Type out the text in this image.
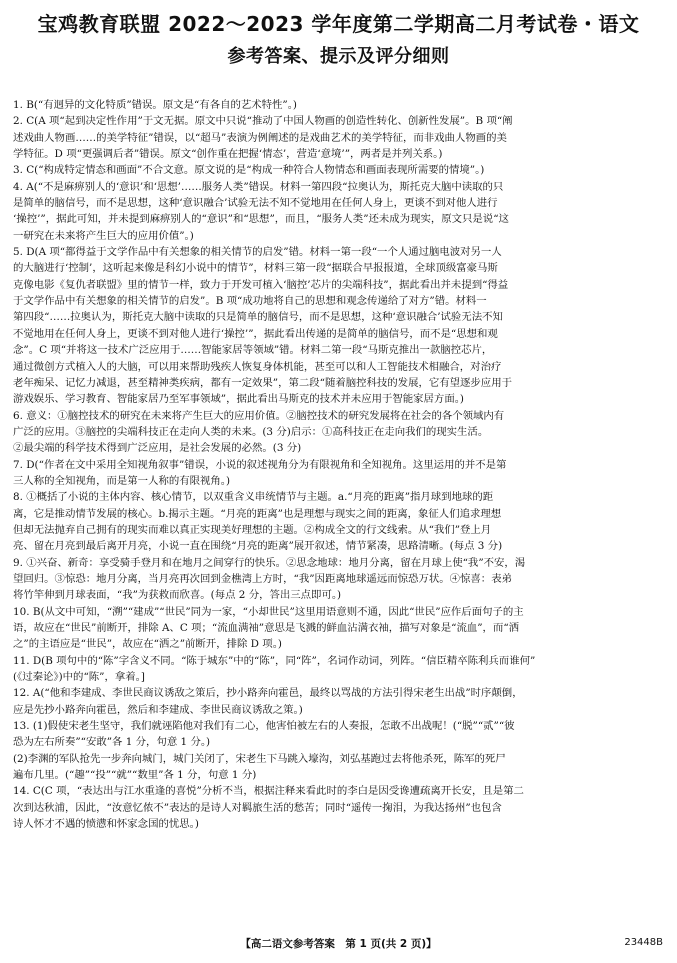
宝鸡教育联盟 2022～2023 学年度第二学期高二月考试卷・语文
参考答案、提示及评分细则
1. B(“有迥异的文化特质”错误。原文是“有各自的艺术特性”。)
2. C(A 项“起到决定性作用”于文无据。原文中只说“推动了中国人物画的创造性转化、创新性发展”。B 项“阐
述戏曲人物画……的美学特征”错误，以“超马”表演为例阐述的是戏曲艺术的美学特征，而非戏曲人物画的美
学特征。D 项“更强调后者”错误。原文“创作重在把握‘情态’，营造‘意境’”，两者是并列关系。)
3. C(“构成特定情态和画面”不合文意。原文说的是“构成一种符合人物情态和画面表现所需要的情境”。)
4. A(“不是麻痹别人的‘意识’和‘思想’……服务人类”错误。材料一第四段“拉奥认为，斯托克大脑中读取的只
是简单的脑信号，而不是思想，这种‘意识融合’试验无法不知不觉地用在任何人身上，更谈不到对他人进行
‘操控’”，据此可知，并未提到麻痹别人的“意识”和“思想”，而且，“服务人类”还未成为现实，原文只是说“这
一研究在未来将产生巨大的应用价值”。)
5. D(A 项“都得益于文学作品中有关想象的相关情节的启发”错。材料一第一段“一个人通过脑电波对另一人
的大脑进行‘控制’，这听起来像是科幻小说中的情节”，材料三第一段“据联合早报报道，全球顶级富豪马斯
克像电影《复仇者联盟》里的情节一样，致力于开发可植入‘脑控’芯片的尖端科技”，据此看出并未提到“得益
于文学作品中有关想象的相关情节的启发”。B 项“成功地将自己的思想和观念传递给了对方”错。材料一
第四段“……拉奥认为，斯托克大脑中读取的只是简单的脑信号，而不是思想，这种‘意识融合’试验无法不知
不觉地用在任何人身上，更谈不到对他人进行‘操控’”，据此看出传递的是简单的脑信号，而不是“思想和观
念”。C 项“并将这一技术广泛应用于……智能家居等领域”错。材料二第一段“马斯克推出一款脑控芯片，
通过微创方式植入人的大脑，可以用来帮助残疾人恢复身体机能，甚至可以和人工智能技术相融合，对治疗
老年痴呆、记忆力减退，甚至精神类疾病，都有一定效果”，第二段“随着脑控科技的发展，它有望逐步应用于
游戏娱乐、学习教育、智能家居乃至军事领域”，据此看出马斯克的技术并未应用于智能家居方面。)
6. 意义：①脑控技术的研究在未来将产生巨大的应用价值。②脑控技术的研究发展将在社会的各个领域内有
广泛的应用。③脑控的尖端科技正在走向人类的未来。(3 分)启示：①高科技正在走向我们的现实生活。
②最尖端的科学技术得到广泛应用，是社会发展的必然。(3 分)
7. D(“作者在文中采用全知视角叙事”错误，小说的叙述视角分为有限视角和全知视角。这里运用的并不是第
三人称的全知视角，而是第一人称的有限视角。)
8. ①概括了小说的主体内容、核心情节，以双重含义串统情节与主题。a.“月亮的距离”指月球到地球的距
离，它是推动情节发展的核心。b.揭示主题。“月亮的距离”也是理想与现实之间的距离，象征人们追求理想
但却无法抛弃自己拥有的现实而难以真正实现美好理想的主题。②构成全文的行文线索。从“我们”登上月
亮、留在月亮到最后离开月亮，小说一直在围绕“月亮的距离”展开叙述，情节紧凑，思路清晰。(每点 3 分)
9. ①兴奋、新奇：享受骑手登月和在地月之间穿行的快乐。②思念地球：地月分离，留在月球上使“我”不安，渴
望回归。③惊恐：地月分离，当月亮再次回到金樵湾上方时，“我”因距离地球遥远而惊恐万状。④惊喜：表弟
将竹竿伸到月球表面，“我”为获救而欣喜。(每点 2 分，答出三点即可。)
10. B(从文中可知，“溯”“建成”“世民”同为一家，“小却世民”这里用语意则不通，因此“世民”应作后面句子的主
语，故应在“世民”前断开，排除 A、C 项；“流血满袖”意思是飞溅的鲜血沾满衣袖，描写对象是“流血”，而“洒
之”的主语应是“世民”，故应在“洒之”前断开，排除 D 项。)
11. D(B 项句中的“陈”字含义不同。“陈于城东”中的“陈”，同“阵”，名词作动词，列阵。“信臣精卒陈利兵而谁何”
(《过秦论》)中的“陈”，拿着。]
12. A(“他和李建成、李世民商议诱敌之策后，抄小路奔向霍邑，最终以骂战的方法引得宋老生出战”时序颠倒，
应是先抄小路奔向霍邑，然后和李建成、李世民商议诱敌之策。)
13. (1)假使宋老生坚守，我们就诬陷他对我们有二心，他害怕被左右的人奏报，怎敢不出战呢！(“脱”“贰”“彼
恐为左右所奏”“安敢”各 1 分，句意 1 分。)
(2)李渊的军队抢先一步奔向城门，城门关闭了，宋老生下马跳入壕沟，刘弘基跑过去将他杀死，陈军的死尸
遍布几里。(“趣”“投”“就”“数里”各 1 分，句意 1 分)
14. C(C 项，“表达出与江水重逢的喜悦”分析不当，根据注释来看此时的李白是因受谗遭疏离开长安，且是第二
次到达秋浦，因此，“汝意忆侬不”表达的是诗人对羁旅生活的愁苦；同时“遥传一掬泪，为我达扬州”也包含
诗人怀才不遇的愤懑和怀家念国的忧思。)
【高二语文参考答案　第 1 页(共 2 页)】	23448B
